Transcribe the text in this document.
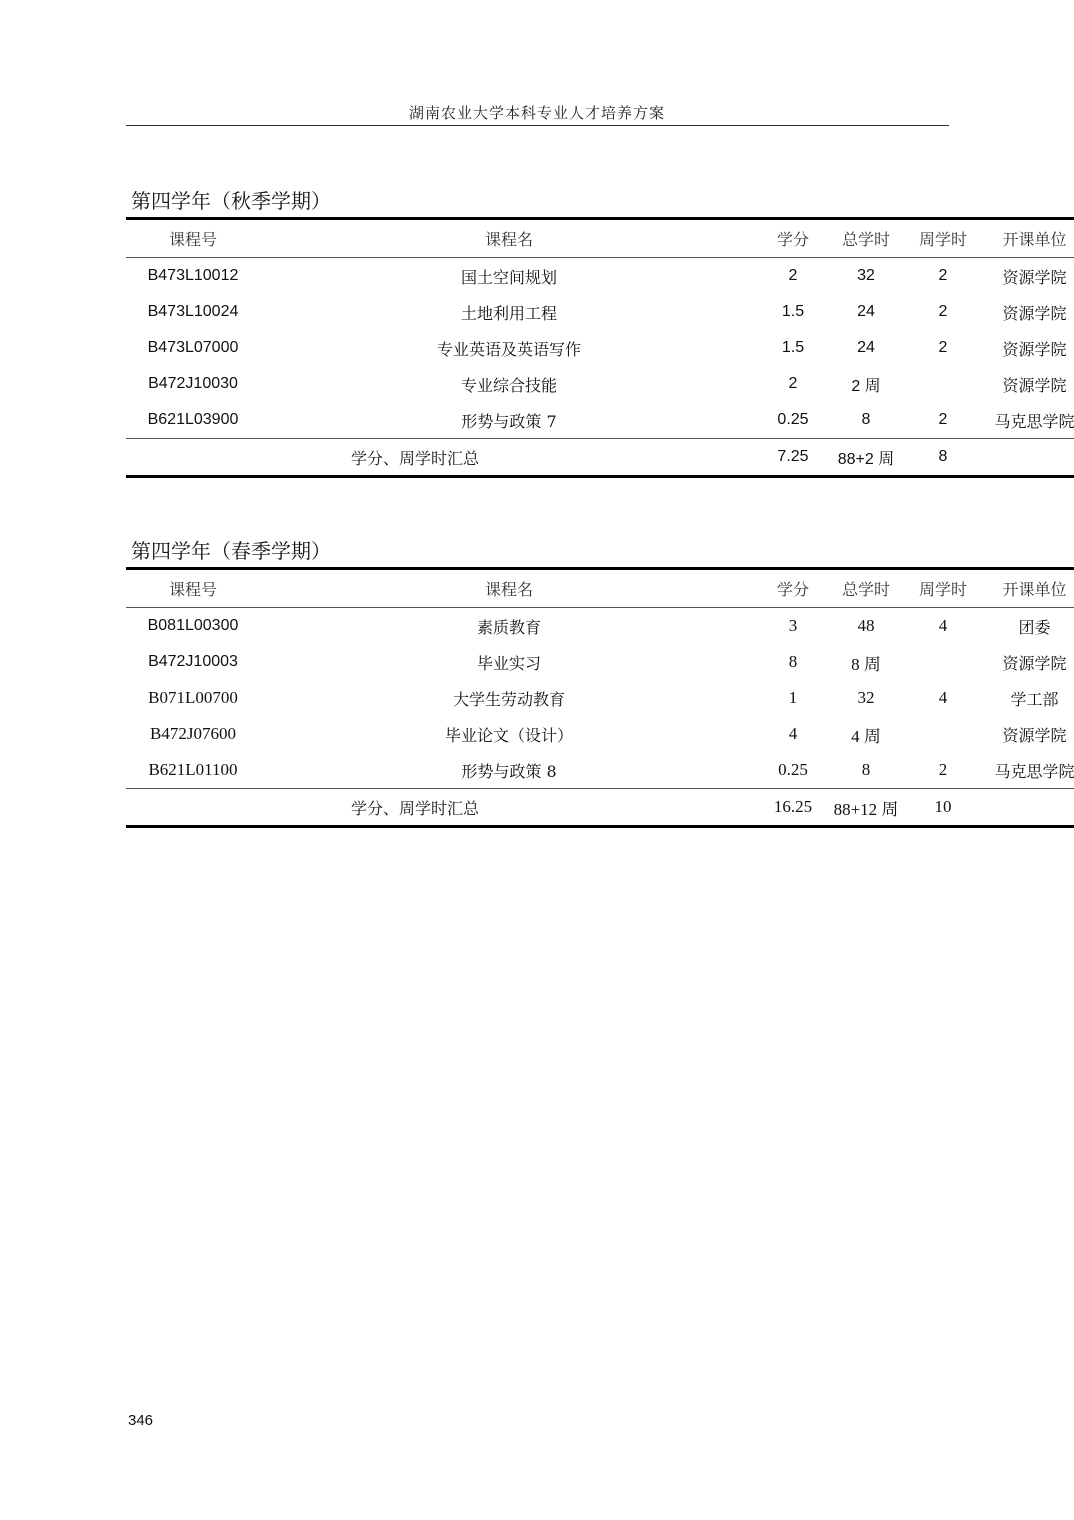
湖南农业大学本科专业人才培养方案
第四学年（秋季学期）
课程号	课程名	学分	总学时	周学时	开课单位
B473L10012	国土空间规划	2	32	2	资源学院
B473L10024	土地利用工程	1.5	24	2	资源学院
B473L07000	专业英语及英语写作	1.5	24	2	资源学院
B472J10030	专业综合技能	2	2 周		资源学院
B621L03900	形势与政策 7	0.25	8	2	马克思学院
学分、周学时汇总		7.25	88+2 周	8	
第四学年（春季学期）
课程号	课程名	学分	总学时	周学时	开课单位
B081L00300	素质教育	3	48	4	团委
B472J10003	毕业实习	8	8 周		资源学院
B071L00700	大学生劳动教育	1	32	4	学工部
B472J07600	毕业论文（设计）	4	4 周		资源学院
B621L01100	形势与政策 8	0.25	8	2	马克思学院
学分、周学时汇总		16.25	88+12 周	10	
346
